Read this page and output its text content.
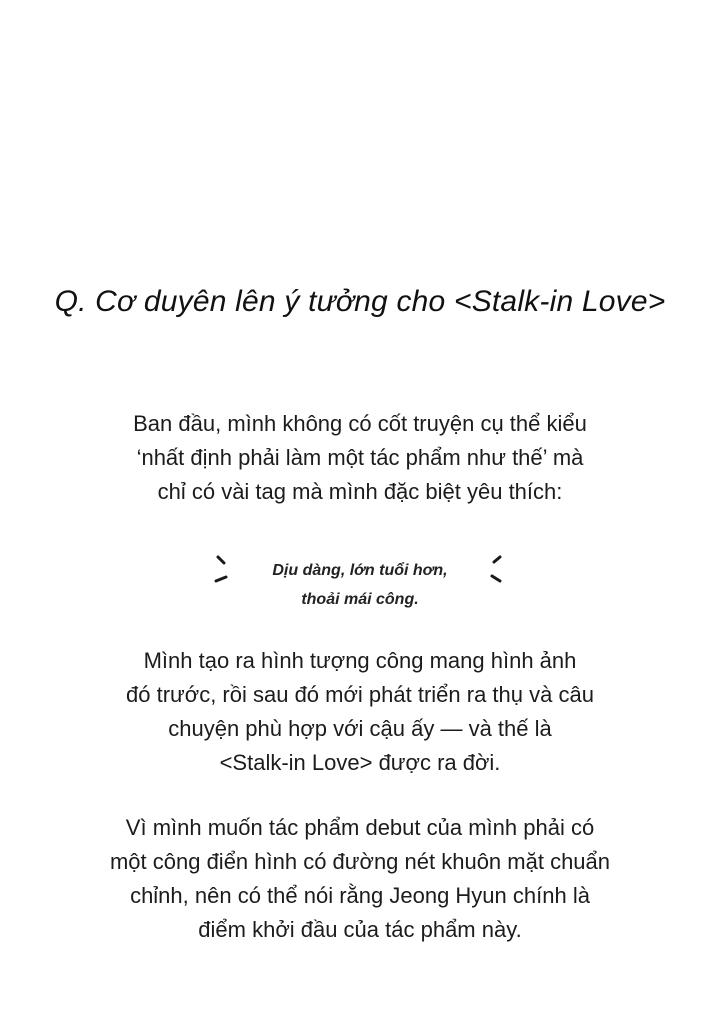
Q. Cơ duyên lên ý tưởng cho <Stalk-in Love>
Ban đầu, mình không có cốt truyện cụ thể kiểu
‘nhất định phải làm một tác phẩm như thế’ mà
chỉ có vài tag mà mình đặc biệt yêu thích:
Dịu dàng, lớn tuổi hơn,
thoải mái công.
Mình tạo ra hình tượng công mang hình ảnh
đó trước, rồi sau đó mới phát triển ra thụ và câu
chuyện phù hợp với cậu ấy — và thế là
<Stalk-in Love> được ra đời.
Vì mình muốn tác phẩm debut của mình phải có
một công điển hình có đường nét khuôn mặt chuẩn
chỉnh, nên có thể nói rằng Jeong Hyun chính là
điểm khởi đầu của tác phẩm này.
